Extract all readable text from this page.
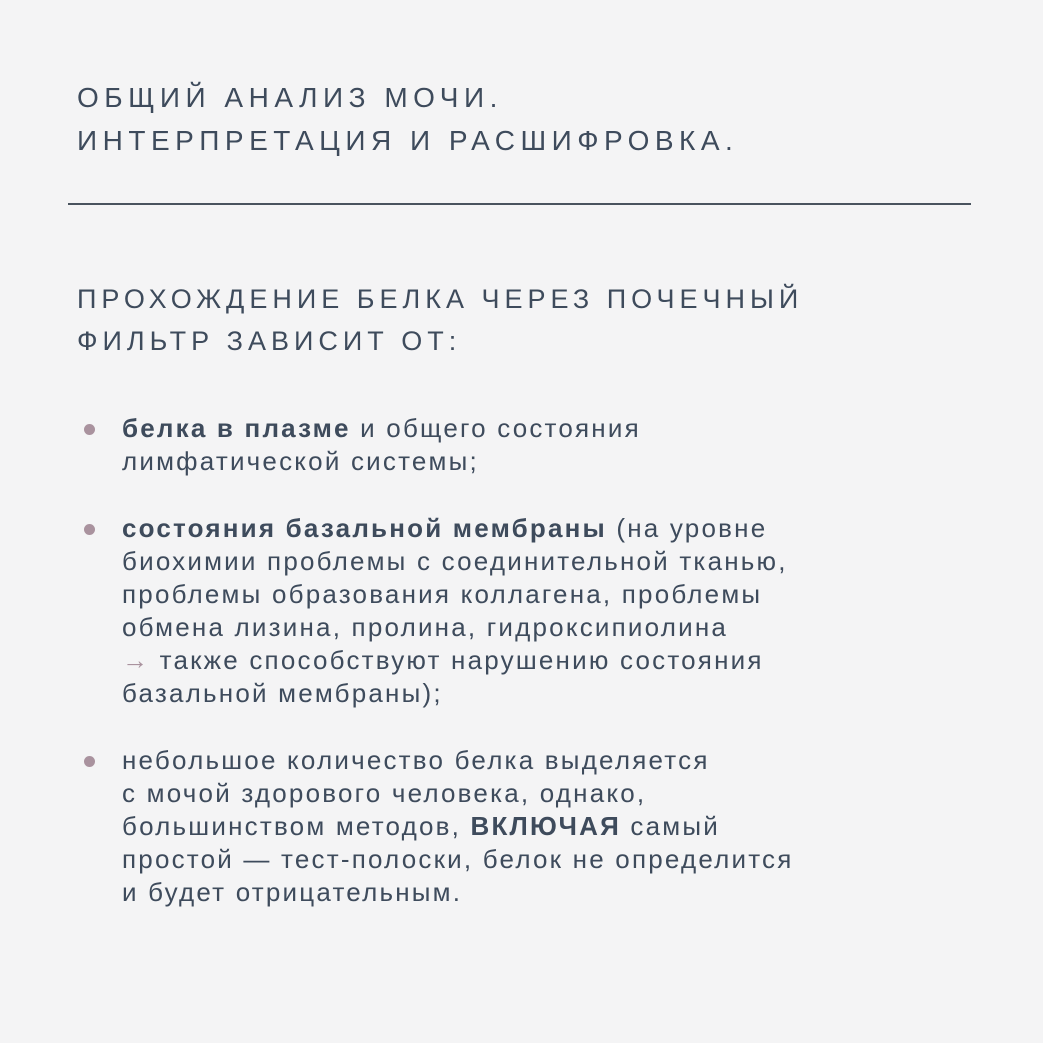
ОБЩИЙ АНАЛИЗ МОЧИ.
ИНТЕРПРЕТАЦИЯ И РАСШИФРОВКА.
ПРОХОЖДЕНИЕ БЕЛКА ЧЕРЕЗ ПОЧЕЧНЫЙ
ФИЛЬТР ЗАВИСИТ ОТ:

белка в плазме и общего состояния
лимфатической системы;

состояния базальной мембраны (на уровне
биохимии проблемы с соединительной тканью,
проблемы образования коллагена, проблемы
обмена лизина, пролина, гидроксипиолина
→ также способствуют нарушению состояния
базальной мембраны);

небольшое количество белка выделяется
с мочой здорового человека, однако,
большинством методов, ВКЛЮЧАЯ самый
простой — тест-полоски, белок не определится
и будет отрицательным.
